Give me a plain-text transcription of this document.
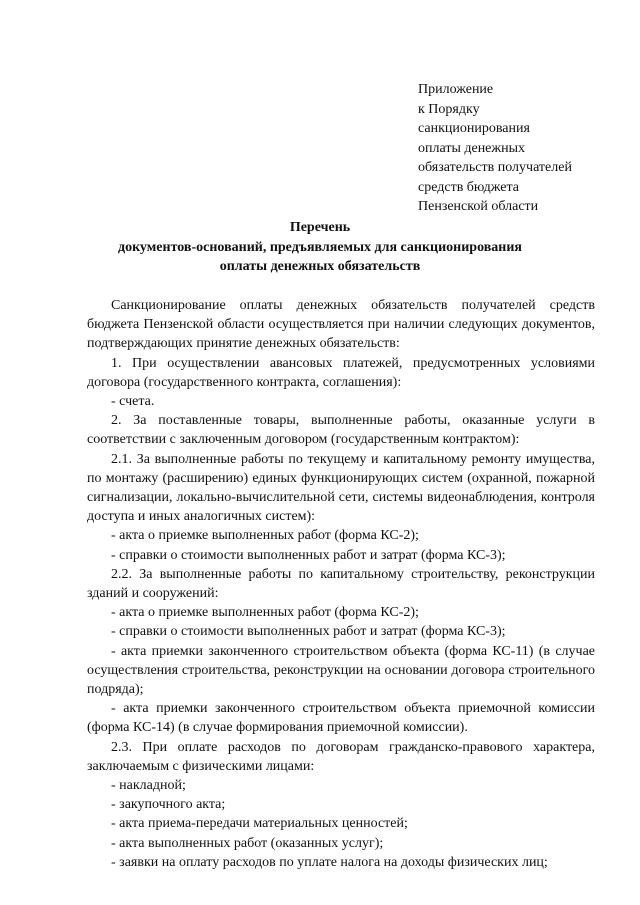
Приложение
к Порядку
санкционирования
оплаты денежных
обязательств получателей
средств бюджета
Пензенской области
Перечень
документов-оснований, предъявляемых для санкционирования
оплаты денежных обязательств

Санкционирование оплаты денежных обязательств получателей средств бюджета Пензенской области осуществляется при наличии следующих документов, подтверждающих принятие денежных обязательств:

1. При осуществлении авансовых платежей, предусмотренных условиями договора (государственного контракта, соглашения):

- счета.

2. За поставленные товары, выполненные работы, оказанные услуги в соответствии с заключенным договором (государственным контрактом):

2.1. За выполненные работы по текущему и капитальному ремонту имущества, по монтажу (расширению) единых функционирующих систем (охранной, пожарной сигнализации, локально-вычислительной сети, системы видеонаблюдения, контроля доступа и иных аналогичных систем):

- акта о приемке выполненных работ (форма КС-2);

- справки о стоимости выполненных работ и затрат (форма КС-3);

2.2. За выполненные работы по капитальному строительству, реконструкции зданий и сооружений:

- акта о приемке выполненных работ (форма КС-2);

- справки о стоимости выполненных работ и затрат (форма КС-3);

- акта приемки законченного строительством объекта (форма КС-11) (в случае осуществления строительства, реконструкции на основании договора строительного подряда);

- акта приемки законченного строительством объекта приемочной комиссии (форма КС-14) (в случае формирования приемочной комиссии).

2.3. При оплате расходов по договорам гражданско-правового характера, заключаемым с физическими лицами:

- накладной;

- закупочного акта;

- акта приема-передачи материальных ценностей;

- акта выполненных работ (оказанных услуг);

- заявки на оплату расходов по уплате налога на доходы физических лиц;
